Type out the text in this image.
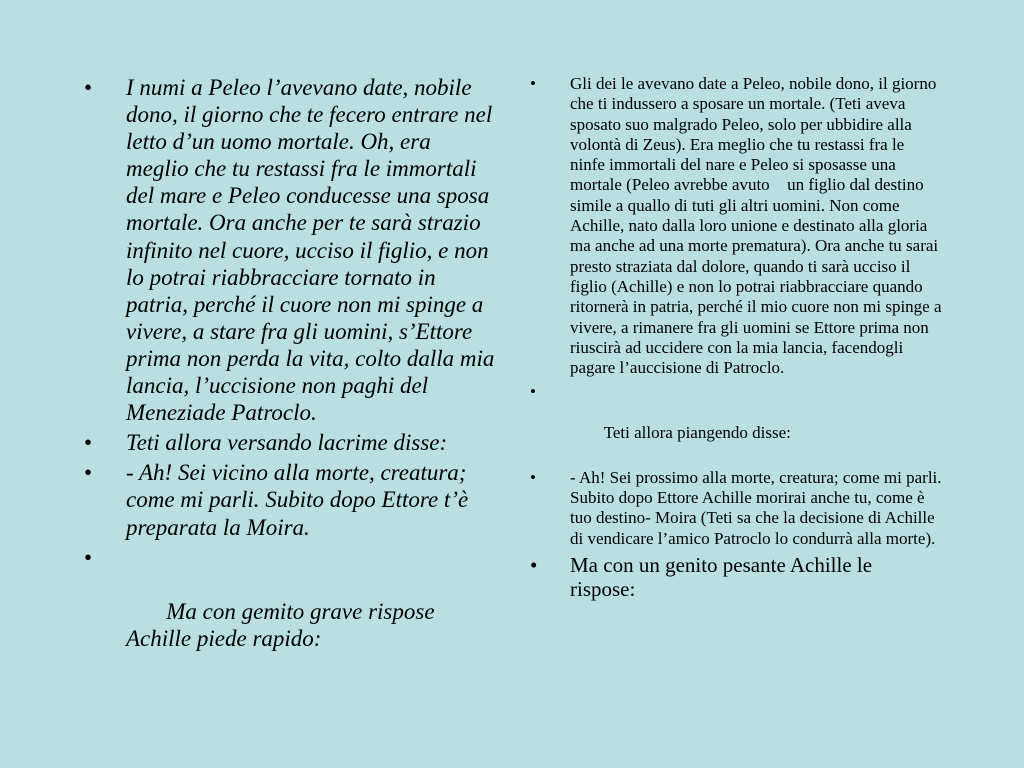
• I numi a Peleo l’avevano date, nobile dono, il giorno che te fecero entrare nel letto d’un uomo mortale. Oh, era meglio che tu restassi fra le immortali del mare e Peleo conducesse una sposa mortale. Ora anche per te sarà strazio infinito nel cuore, ucciso il figlio, e non lo potrai riabbracciare tornato in patria, perché il cuore non mi spinge a vivere, a stare fra gli uomini, s’Ettore prima non perda la vita, colto dalla mia lancia, l’uccisione non paghi del Meneziade Patroclo.
• Teti allora versando lacrime disse:
• - Ah! Sei vicino alla morte, creatura; come mi parli. Subito dopo Ettore t’è preparata la Moira.

•

Ma con gemito grave rispose Achille piede rapido:

• Gli dei le avevano date a Peleo, nobile dono, il giorno che ti indussero a sposare un mortale. (Teti aveva sposato suo malgrado Peleo, solo per ubbidire alla volontà di Zeus). Era meglio che tu restassi fra le ninfe immortali del nare e Peleo si sposasse una mortale (Peleo avrebbe avuto un figlio dal destino simile a quallo di tuti gli altri uomini. Non come Achille, nato dalla loro unione e destinato alla gloria ma anche ad una morte prematura). Ora anche tu sarai presto straziata dal dolore, quando ti sarà ucciso il figlio (Achille) e non lo potrai riabbracciare quando ritornerà in patria, perché il mio cuore non mi spinge a vivere, a rimanere fra gli uomini se Ettore prima non riuscirà ad uccidere con la mia lancia, facendogli pagare l’auccisione di Patroclo.

•

Teti allora piangendo disse:

• - Ah! Sei prossimo alla morte, creatura; come mi parli. Subito dopo Ettore Achille morirai anche tu, come è tuo destino- Moira (Teti sa che la decisione di Achille di vendicare l’amico Patroclo lo condurrà alla morte).
• Ma con un genito pesante Achille le rispose:
